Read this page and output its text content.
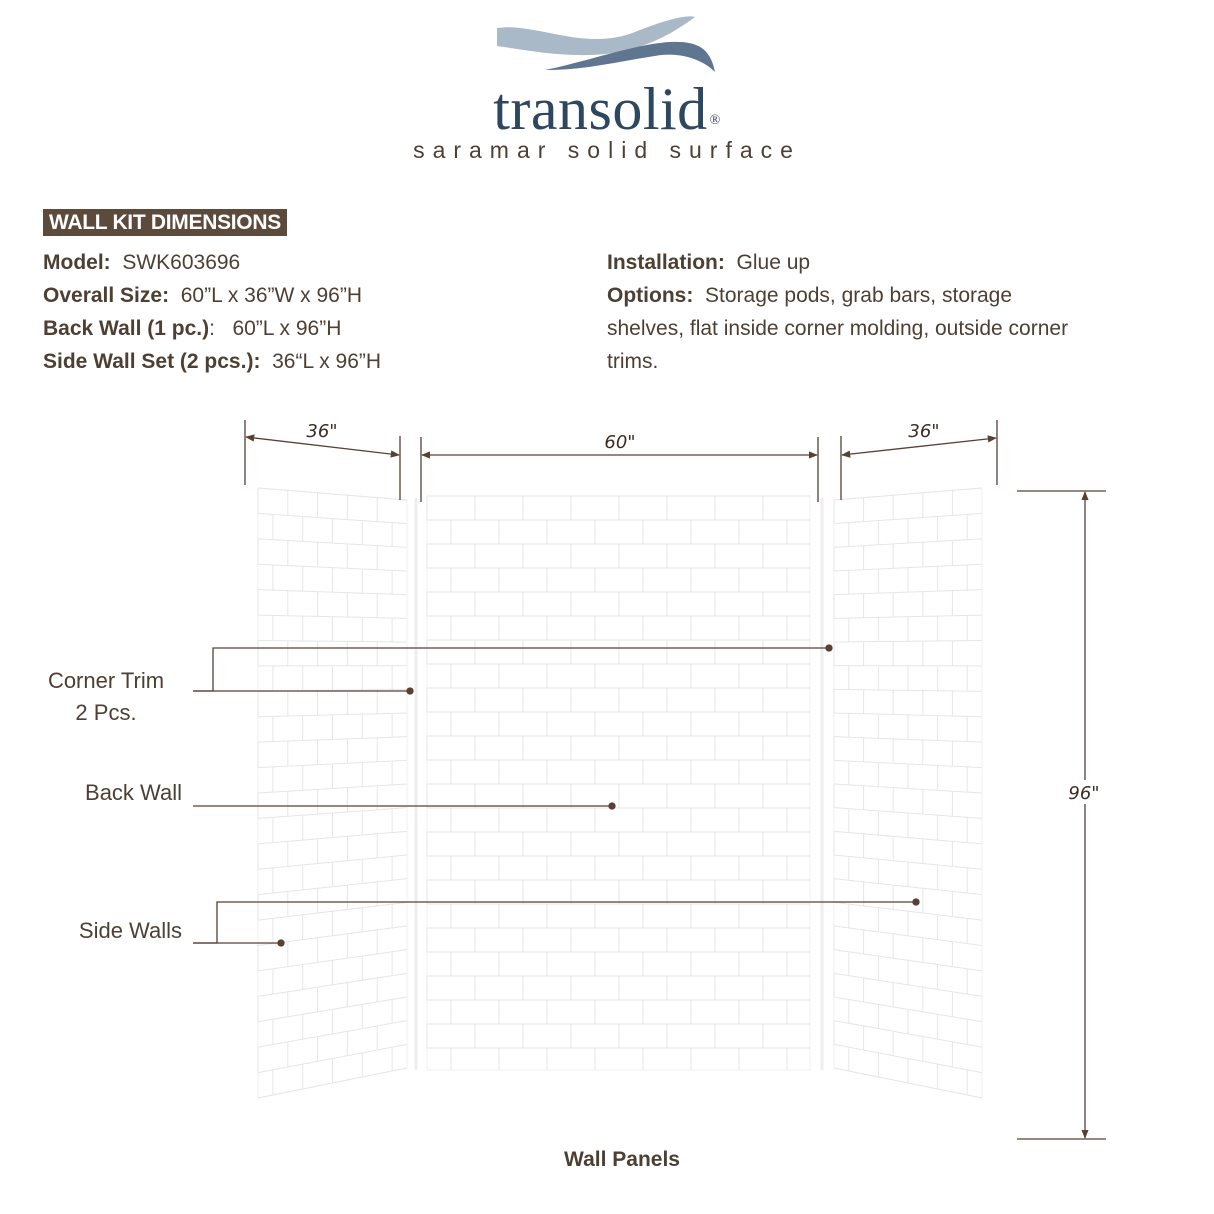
transolid ®
saramar solid surface
WALL KIT DIMENSIONS
Model: SWK603696
Overall Size: 60”L x 36”W x 96”H
Back Wall (1 pc.):   60”L x 96”H
Side Wall Set (2 pcs.): 36“L x 96”H
Installation: Glue up
Options: Storage pods, grab bars, storage shelves, flat inside corner molding, outside corner trims.
36"
60"
36"
96"
Corner Trim
2 Pcs.
Back Wall
Side Walls
Wall Panels
